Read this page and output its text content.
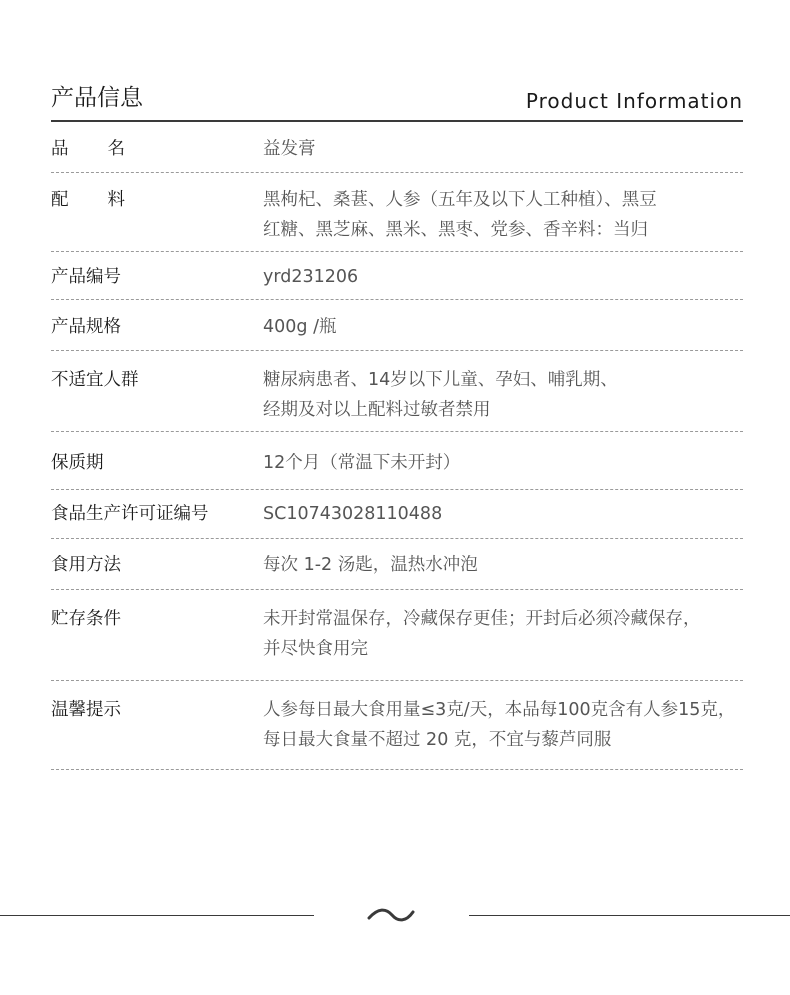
产品信息	Product Information
品       名	益发膏
配       料	黑枸杞、桑葚、人参（五年及以下人工种植）、黑豆
红糖、黑芝麻、黑米、黑枣、党参、香辛料：当归
产品编号	yrd231206
产品规格	400g /瓶
不适宜人群	糖尿病患者、14岁以下儿童、孕妇、哺乳期、
经期及对以上配料过敏者禁用
保质期	12个月（常温下未开封）
食品生产许可证编号	SC10743028110488
食用方法	每次 1-2 汤匙，温热水冲泡
贮存条件	未开封常温保存，冷藏保存更佳；开封后必须冷藏保存，
并尽快食用完
温馨提示	人参每日最大食用量≤3克/天，本品每100克含有人参15克，
每日最大食量不超过 20 克，不宜与藜芦同服
